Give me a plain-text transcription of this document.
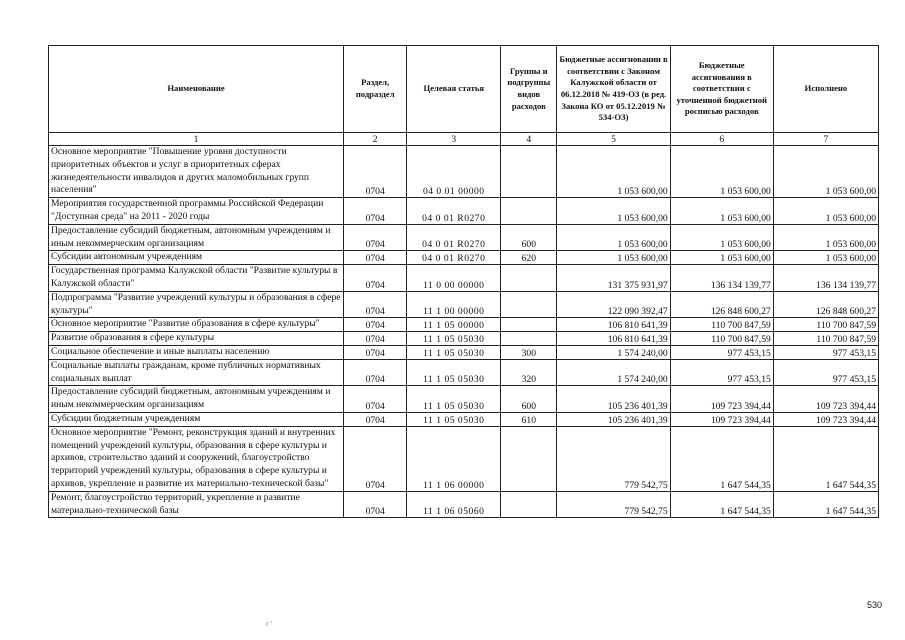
Наименование	Раздел, подраздел	Целевая статья	Группы и подгруппы видов расходов	Бюджетные ассигновании в соответствии с Законом Калужской области от 06.12.2018 № 419-ОЗ (в ред. Закона КО от 05.12.2019 № 534-ОЗ)	Бюджетные ассигнования в соответствии с уточненной бюджетной росписью расходов	Исполнено
1	2	3	4	5	6	7
Основное мероприятие "Повышение уровня доступности приоритетных объектов и услуг в приоритетных сферах жизнедеятельности инвалидов и других маломобильных групп населения"	0704	04 0 01 00000		1 053 600,00	1 053 600,00	1 053 600,00
Мероприятия государственной программы Российской Федерации "Доступная среда" на 2011 - 2020 годы	0704	04 0 01 R0270		1 053 600,00	1 053 600,00	1 053 600,00
Предоставление субсидий бюджетным, автономным учреждениям и иным некоммерческим организациям	0704	04 0 01 R0270	600	1 053 600,00	1 053 600,00	1 053 600,00
Субсидии автономным учреждениям	0704	04 0 01 R0270	620	1 053 600,00	1 053 600,00	1 053 600,00
Государственная программа Калужской области "Развитие культуры в Калужской области"	0704	11 0 00 00000		131 375 931,97	136 134 139,77	136 134 139,77
Подпрограмма "Развитие учреждений культуры и образования в сфере культуры"	0704	11 1 00 00000		122 090 392,47	126 848 600,27	126 848 600,27
Основное мероприятие "Развитие образования в сфере культуры"	0704	11 1 05 00000		106 810 641,39	110 700 847,59	110 700 847,59
Развитие образования в сфере культуры	0704	11 1 05 05030		106 810 641,39	110 700 847,59	110 700 847,59
Социальное обеспечение и иные выплаты населению	0704	11 1 05 05030	300	1 574 240,00	977 453,15	977 453,15
Социальные выплаты гражданам, кроме публичных нормативных социальных выплат	0704	11 1 05 05030	320	1 574 240,00	977 453,15	977 453,15
Предоставление субсидий бюджетным, автономным учреждениям и иным некоммерческим организациям	0704	11 1 05 05030	600	105 236 401,39	109 723 394,44	109 723 394,44
Субсидии бюджетным учреждениям	0704	11 1 05 05030	610	105 236 401,39	109 723 394,44	109 723 394,44
Основное мероприятие "Ремонт, реконструкция зданий и внутренних помещений учреждений культуры, образования в сфере культуры и архивов, строительство зданий и сооружений, благоустройство территорий учреждений культуры, образования в сфере культуры и архивов, укрепление и развитие их материально-технической базы"	0704	11 1 06 00000		779 542,75	1 647 544,35	1 647 544,35
Ремонт, благоустройство территорий, укрепление и развитие материально-технической базы	0704	11 1 06 05060		779 542,75	1 647 544,35	1 647 544,35
530
г '
